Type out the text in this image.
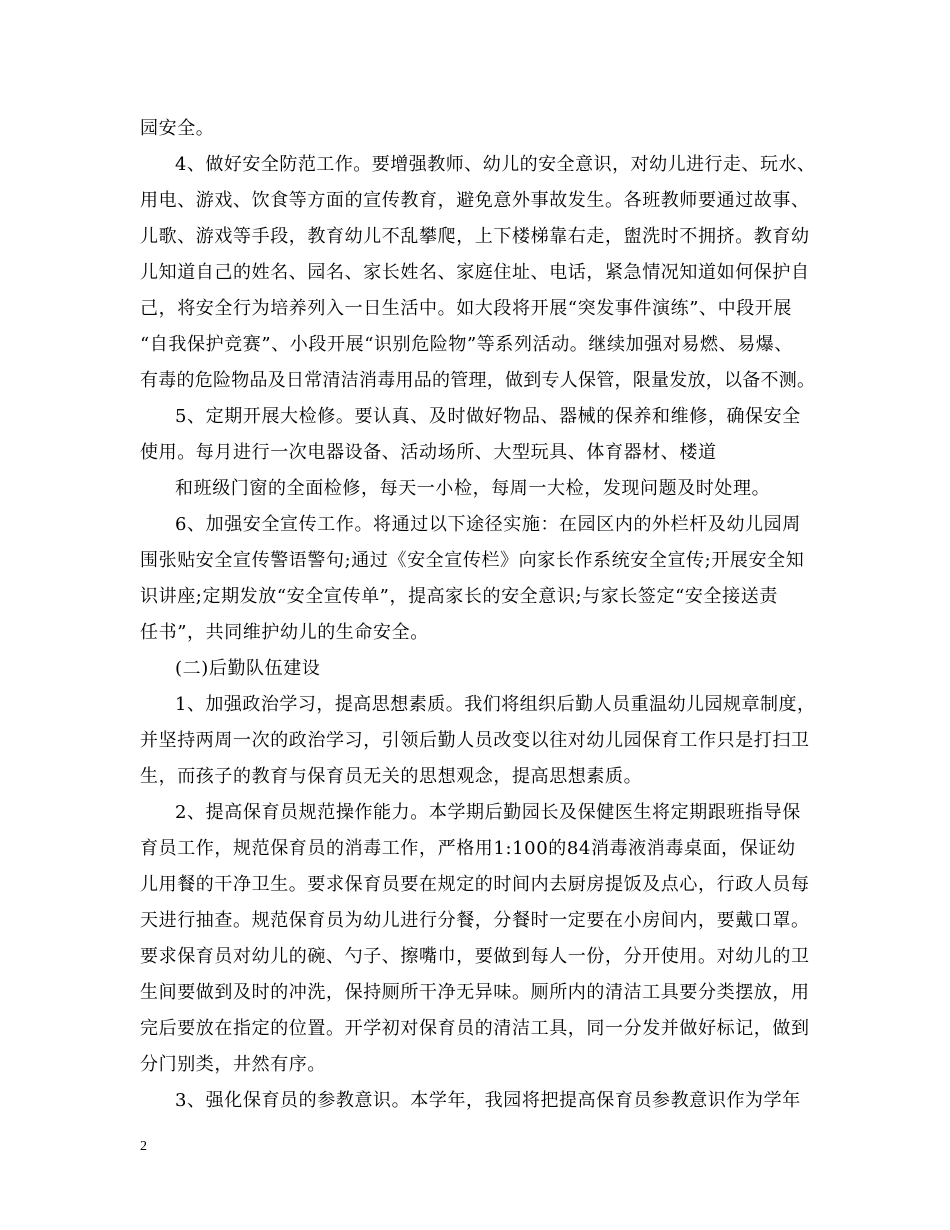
园安全。
4、做好安全防范工作。要增强教师、幼儿的安全意识，对幼儿进行走、玩水、
用电、游戏、饮食等方面的宣传教育，避免意外事故发生。各班教师要通过故事、
儿歌、游戏等手段，教育幼儿不乱攀爬，上下楼梯靠右走，盥洗时不拥挤。教育幼
儿知道自己的姓名、园名、家长姓名、家庭住址、电话，紧急情况知道如何保护自
己，将安全行为培养列入一日生活中。如大段将开展“突发事件演练”、中段开展
“自我保护竞赛”、小段开展“识别危险物”等系列活动。继续加强对易燃、易爆、
有毒的危险物品及日常清洁消毒用品的管理，做到专人保管，限量发放，以备不测。
5、定期开展大检修。要认真、及时做好物品、器械的保养和维修，确保安全
使用。每月进行一次电器设备、活动场所、大型玩具、体育器材、楼道
和班级门窗的全面检修，每天一小检，每周一大检，发现问题及时处理。
6、加强安全宣传工作。将通过以下途径实施：在园区内的外栏杆及幼儿园周
围张贴安全宣传警语警句;通过《安全宣传栏》向家长作系统安全宣传;开展安全知
识讲座;定期发放“安全宣传单”，提高家长的安全意识;与家长签定“安全接送责
任书”，共同维护幼儿的生命安全。
(二)后勤队伍建设
1、加强政治学习，提高思想素质。我们将组织后勤人员重温幼儿园规章制度，
并坚持两周一次的政治学习，引领后勤人员改变以往对幼儿园保育工作只是打扫卫
生，而孩子的教育与保育员无关的思想观念，提高思想素质。
2、提高保育员规范操作能力。本学期后勤园长及保健医生将定期跟班指导保
育员工作，规范保育员的消毒工作，严格用1:100的84消毒液消毒桌面，保证幼
儿用餐的干净卫生。要求保育员要在规定的时间内去厨房提饭及点心，行政人员每
天进行抽查。规范保育员为幼儿进行分餐，分餐时一定要在小房间内，要戴口罩。
要求保育员对幼儿的碗、勺子、擦嘴巾，要做到每人一份，分开使用。对幼儿的卫
生间要做到及时的冲洗，保持厕所干净无异味。厕所内的清洁工具要分类摆放，用
完后要放在指定的位置。开学初对保育员的清洁工具，同一分发并做好标记，做到
分门别类，井然有序。
3、强化保育员的参教意识。本学年，我园将把提高保育员参教意识作为学年
2
